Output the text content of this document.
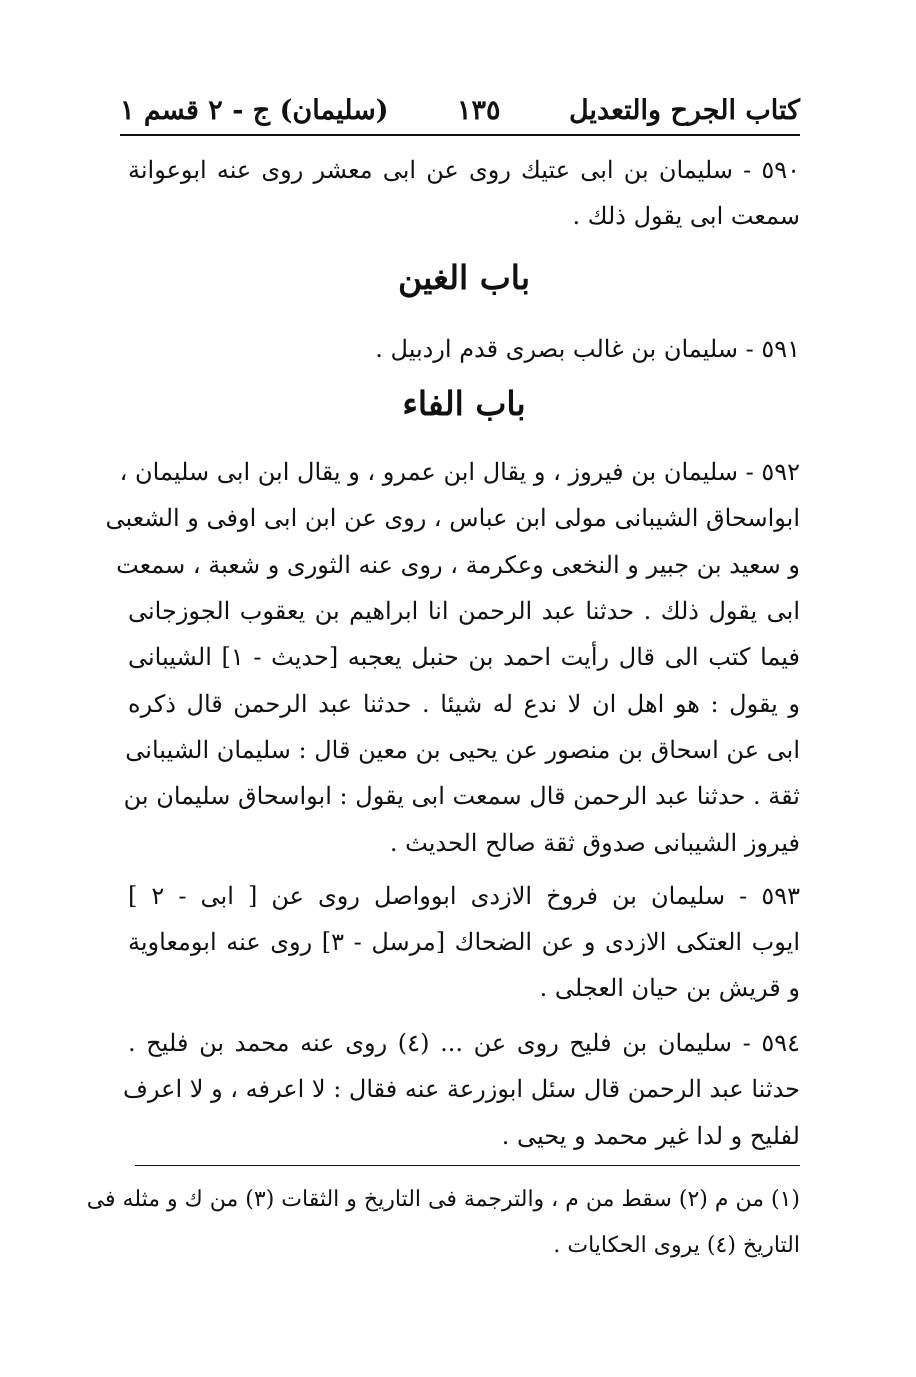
كتاب الجرح والتعديل
١٣٥
(سليمان) ج - ٢ قسم ١
٥٩٠ - سليمان بن ابى عتيك روى عن ابى معشر روى عنه ابوعوانة
سمعت ابى يقول ذلك .
باب الغين
٥٩١ - سليمان بن غالب بصرى قدم اردبيل .
باب الفاء
٥٩٢ - سليمان بن فيروز ، و يقال ابن عمرو ، و يقال ابن ابى سليمان ،
ابواسحاق الشيبانى مولى ابن عباس ، روى عن ابن ابى اوفى و الشعبى
و سعيد بن جبير و النخعى وعكرمة ، روى عنه الثورى و شعبة ، سمعت
ابى يقول ذلك . حدثنا عبد الرحمن انا ابراهيم بن يعقوب الجوزجانى
فيما كتب الى قال رأيت احمد بن حنبل يعجبه [حديث - ١] الشيبانى
و يقول : هو اهل ان لا ندع له شيئا . حدثنا عبد الرحمن قال ذكره
ابى عن اسحاق بن منصور عن يحيى بن معين قال : سليمان الشيبانى
ثقة . حدثنا عبد الرحمن قال سمعت ابى يقول : ابواسحاق سليمان بن
فيروز الشيبانى صدوق ثقة صالح الحديث .
٥٩٣ - سليمان بن فروخ الازدى ابوواصل روى عن [ ابى - ٢ ]
ايوب العتكى الازدى و عن الضحاك [مرسل - ٣] روى عنه ابومعاوية
و قريش بن حيان العجلى .
٥٩٤ - سليمان بن فليح روى عن ... (٤) روى عنه محمد بن فليح .
حدثنا عبد الرحمن قال سئل ابوزرعة عنه فقال : لا اعرفه ، و لا اعرف
لفليح و لدا غير محمد و يحيى .
(١) من م (٢) سقط من م ، والترجمة فى التاريخ و الثقات (٣) من ك و مثله فى
التاريخ (٤) يروى الحكايات .
